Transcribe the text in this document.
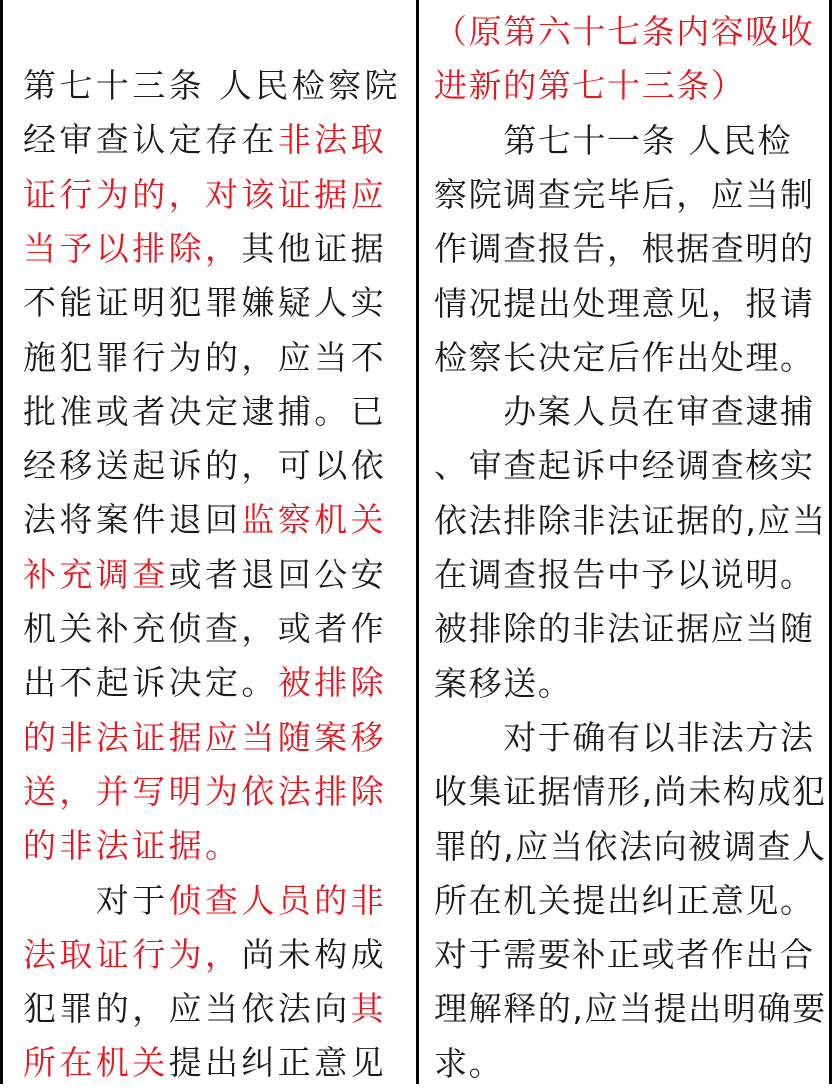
第七十三条 人民检察院
经审查认定存在非法取
证行为的，对该证据应
当予以排除，其他证据
不能证明犯罪嫌疑人实
施犯罪行为的，应当不
批准或者决定逮捕。已
经移送起诉的，可以依
法将案件退回监察机关
补充调查或者退回公安
机关补充侦查，或者作
出不起诉决定。被排除
的非法证据应当随案移
送，并写明为依法排除
的非法证据。
　　对于侦查人员的非
法取证行为，尚未构成
犯罪的，应当依法向其
所在机关提出纠正意见
（原第六十七条内容吸收
进新的第七十三条）
　　第七十一条 人民检
察院调查完毕后，应当制
作调查报告，根据查明的
情况提出处理意见，报请
检察长决定后作出处理。
　　办案人员在审查逮捕
、审查起诉中经调查核实
依法排除非法证据的,应当
在调查报告中予以说明。
被排除的非法证据应当随
案移送。
　　对于确有以非法方法
收集证据情形,尚未构成犯
罪的,应当依法向被调查人
所在机关提出纠正意见。
对于需要补正或者作出合
理解释的,应当提出明确要
求。
